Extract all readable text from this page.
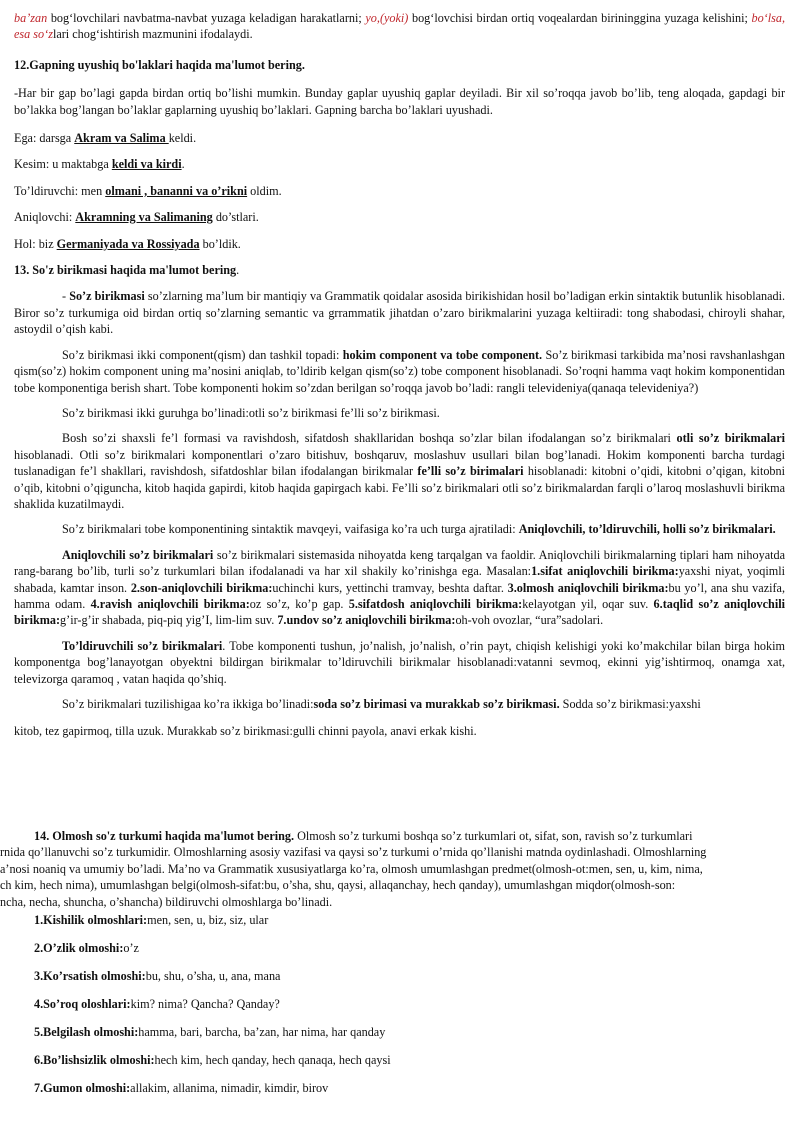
ba’zan bog‘lovchilari navbatma-navbat yuzaga keladigan harakatlarni; yo,(yoki) bog‘lovchisi birdan ortiq voqealardan birininggina yuzaga kelishini; bo‘lsa, esa so‘zlari chog‘ishtirish mazmunini ifodalaydi.

12.Gapning uyushiq bo'laklari haqida ma'lumot bering.

-Har bir gap bo’lagi gapda birdan ortiq bo’lishi mumkin. Bunday gaplar uyushiq gaplar deyiladi. Bir xil so’roqqa javob bo’lib, teng aloqada, gapdagi bir bo’lakka bog’langan bo’laklar gaplarning uyushiq bo’laklari. Gapning barcha bo’laklari uyushadi.

Ega: darsga Akram va Salima keldi.

Kesim: u maktabga keldi va kirdi.

To’ldiruvchi: men olmani , bananni va o’rikni oldim.

Aniqlovchi: Akramning va Salimaning do’stlari.

Hol: biz Germaniyada va Rossiyada bo’ldik.

13. So'z birikmasi haqida ma'lumot bering.

- So’z birikmasi so’zlarning ma’lum bir mantiqiy va Grammatik qoidalar asosida birikishidan hosil bo’ladigan erkin sintaktik butunlik hisoblanadi. Biror so’z turkumiga oid birdan ortiq so’zlarning semantic va grrammatik jihatdan o’zaro birikmalarini yuzaga keltiiradi: tong shabodasi, chiroyli shahar, astoydil o’qish kabi.

So’z birikmasi ikki component(qism) dan tashkil topadi: hokim component va tobe component. So’z birikmasi tarkibida ma’nosi ravshanlashgan qism(so’z) hokim component uning ma’nosini aniqlab, to’ldirib kelgan qism(so’z) tobe component hisoblanadi. So’roqni hamma vaqt hokim komponentidan tobe komponentiga berish shart. Tobe komponenti hokim so’zdan berilgan so’roqqa javob bo’ladi: rangli televideniya(qanaqa televideniya?)

So’z birikmasi ikki guruhga bo’linadi:otli so’z birikmasi fe’lli so’z birikmasi.

Bosh so’zi shaxsli fe’l formasi va ravishdosh, sifatdosh shakllaridan boshqa so’zlar bilan ifodalangan so’z birikmalari otli so’z birikmalari hisoblanadi. Otli so’z birikmalari komponentlari o’zaro bitishuv, boshqaruv, moslashuv usullari bilan bog’lanadi. Hokim komponenti barcha turdagi tuslanadigan fe’l shakllari, ravishdosh, sifatdoshlar bilan ifodalangan birikmalar fe’lli so’z birimalari hisoblanadi: kitobni o’qidi, kitobni o’qigan, kitobni o’qib, kitobni o’qiguncha, kitob haqida gapirdi, kitob haqida gapirgach kabi. Fe’lli so’z birikmalari otli so’z birikmalardan farqli o’laroq moslashuvli birikma shaklida kuzatilmaydi.

So’z birikmalari tobe komponentining sintaktik mavqeyi, vaifasiga ko’ra uch turga ajratiladi: Aniqlovchili, to’ldiruvchili, holli so’z birikmalari.

Aniqlovchili so’z birikmalari so’z birikmalari sistemasida nihoyatda keng tarqalgan va faoldir. Aniqlovchili birikmalarning tiplari ham nihoyatda rang-barang bo’lib, turli so’z turkumlari bilan ifodalanadi va har xil shakily ko’rinishga ega. Masalan:1.sifat aniqlovchili birikma:yaxshi niyat, yoqimli shabada, kamtar inson. 2.son-aniqlovchili birikma:uchinchi kurs, yettinchi tramvay, beshta daftar. 3.olmosh aniqlovchili birikma:bu yo’l, ana shu vazifa, hamma odam. 4.ravish aniqlovchili birikma:oz so’z, ko’p gap. 5.sifatdosh aniqlovchili birikma:kelayotgan yil, oqar suv. 6.taqlid so’z aniqlovchili birikma:g’ir-g’ir shabada, piq-piq yig’I, lim-lim suv. 7.undov so’z aniqlovchili birikma:oh-voh ovozlar, “ura”sadolari.

To’ldiruvchili so’z birikmalari. Tobe komponenti tushun, jo’nalish, jo’nalish, o’rin payt, chiqish kelishigi yoki ko’makchilar bilan birga hokim komponentga bog’lanayotgan obyektni bildirgan birikmalar to’ldiruvchili birikmalar hisoblanadi:vatanni sevmoq, ekinni yig’ishtirmoq, onamga xat, televizorga qaramoq , vatan haqida qo’shiq.

So’z birikmalari tuzilishigaa ko’ra ikkiga bo’linadi:soda so’z birimasi va murakkab so’z birikmasi. Sodda so’z birikmasi:yaxshi

kitob, tez gapirmoq, tilla uzuk. Murakkab so’z birikmasi:gulli chinni payola, anavi erkak kishi.

14. Olmosh so'z turkumi haqida ma'lumot bering. Olmosh so’z turkumi boshqa so’z turkumlari ot, sifat, son, ravish so’z turkumlari

rnida qo’llanuvchi so’z turkumidir. Olmoshlarning asosiy vazifasi va qaysi so’z turkumi o’rnida qo’llanishi matnda oydinlashadi. Olmoshlarning

a’nosi noaniq va umumiy bo’ladi. Ma’no va Grammatik xususiyatlarga ko’ra, olmosh umumlashgan predmet(olmosh-ot:men, sen, u, kim, nima,

ch kim, hech nima), umumlashgan belgi(olmosh-sifat:bu, o’sha, shu, qaysi, allaqanchay, hech qanday), umumlashgan miqdor(olmosh-son:

ncha, necha, shuncha, o’shancha) bildiruvchi olmoshlarga bo’linadi.

1.Kishilik olmoshlari:men, sen, u, biz, siz, ular

2.O’zlik olmoshi:o’z

3.Ko’rsatish olmoshi:bu, shu, o’sha, u, ana, mana

4.So’roq oloshlari:kim? nima? Qancha? Qanday?

5.Belgilash olmoshi:hamma, bari, barcha, ba’zan, har nima, har qanday

6.Bo’lishsizlik olmoshi:hech kim, hech qanday, hech qanaqa, hech qaysi

7.Gumon olmoshi:allakim, allanima, nimadir, kimdir, birov
